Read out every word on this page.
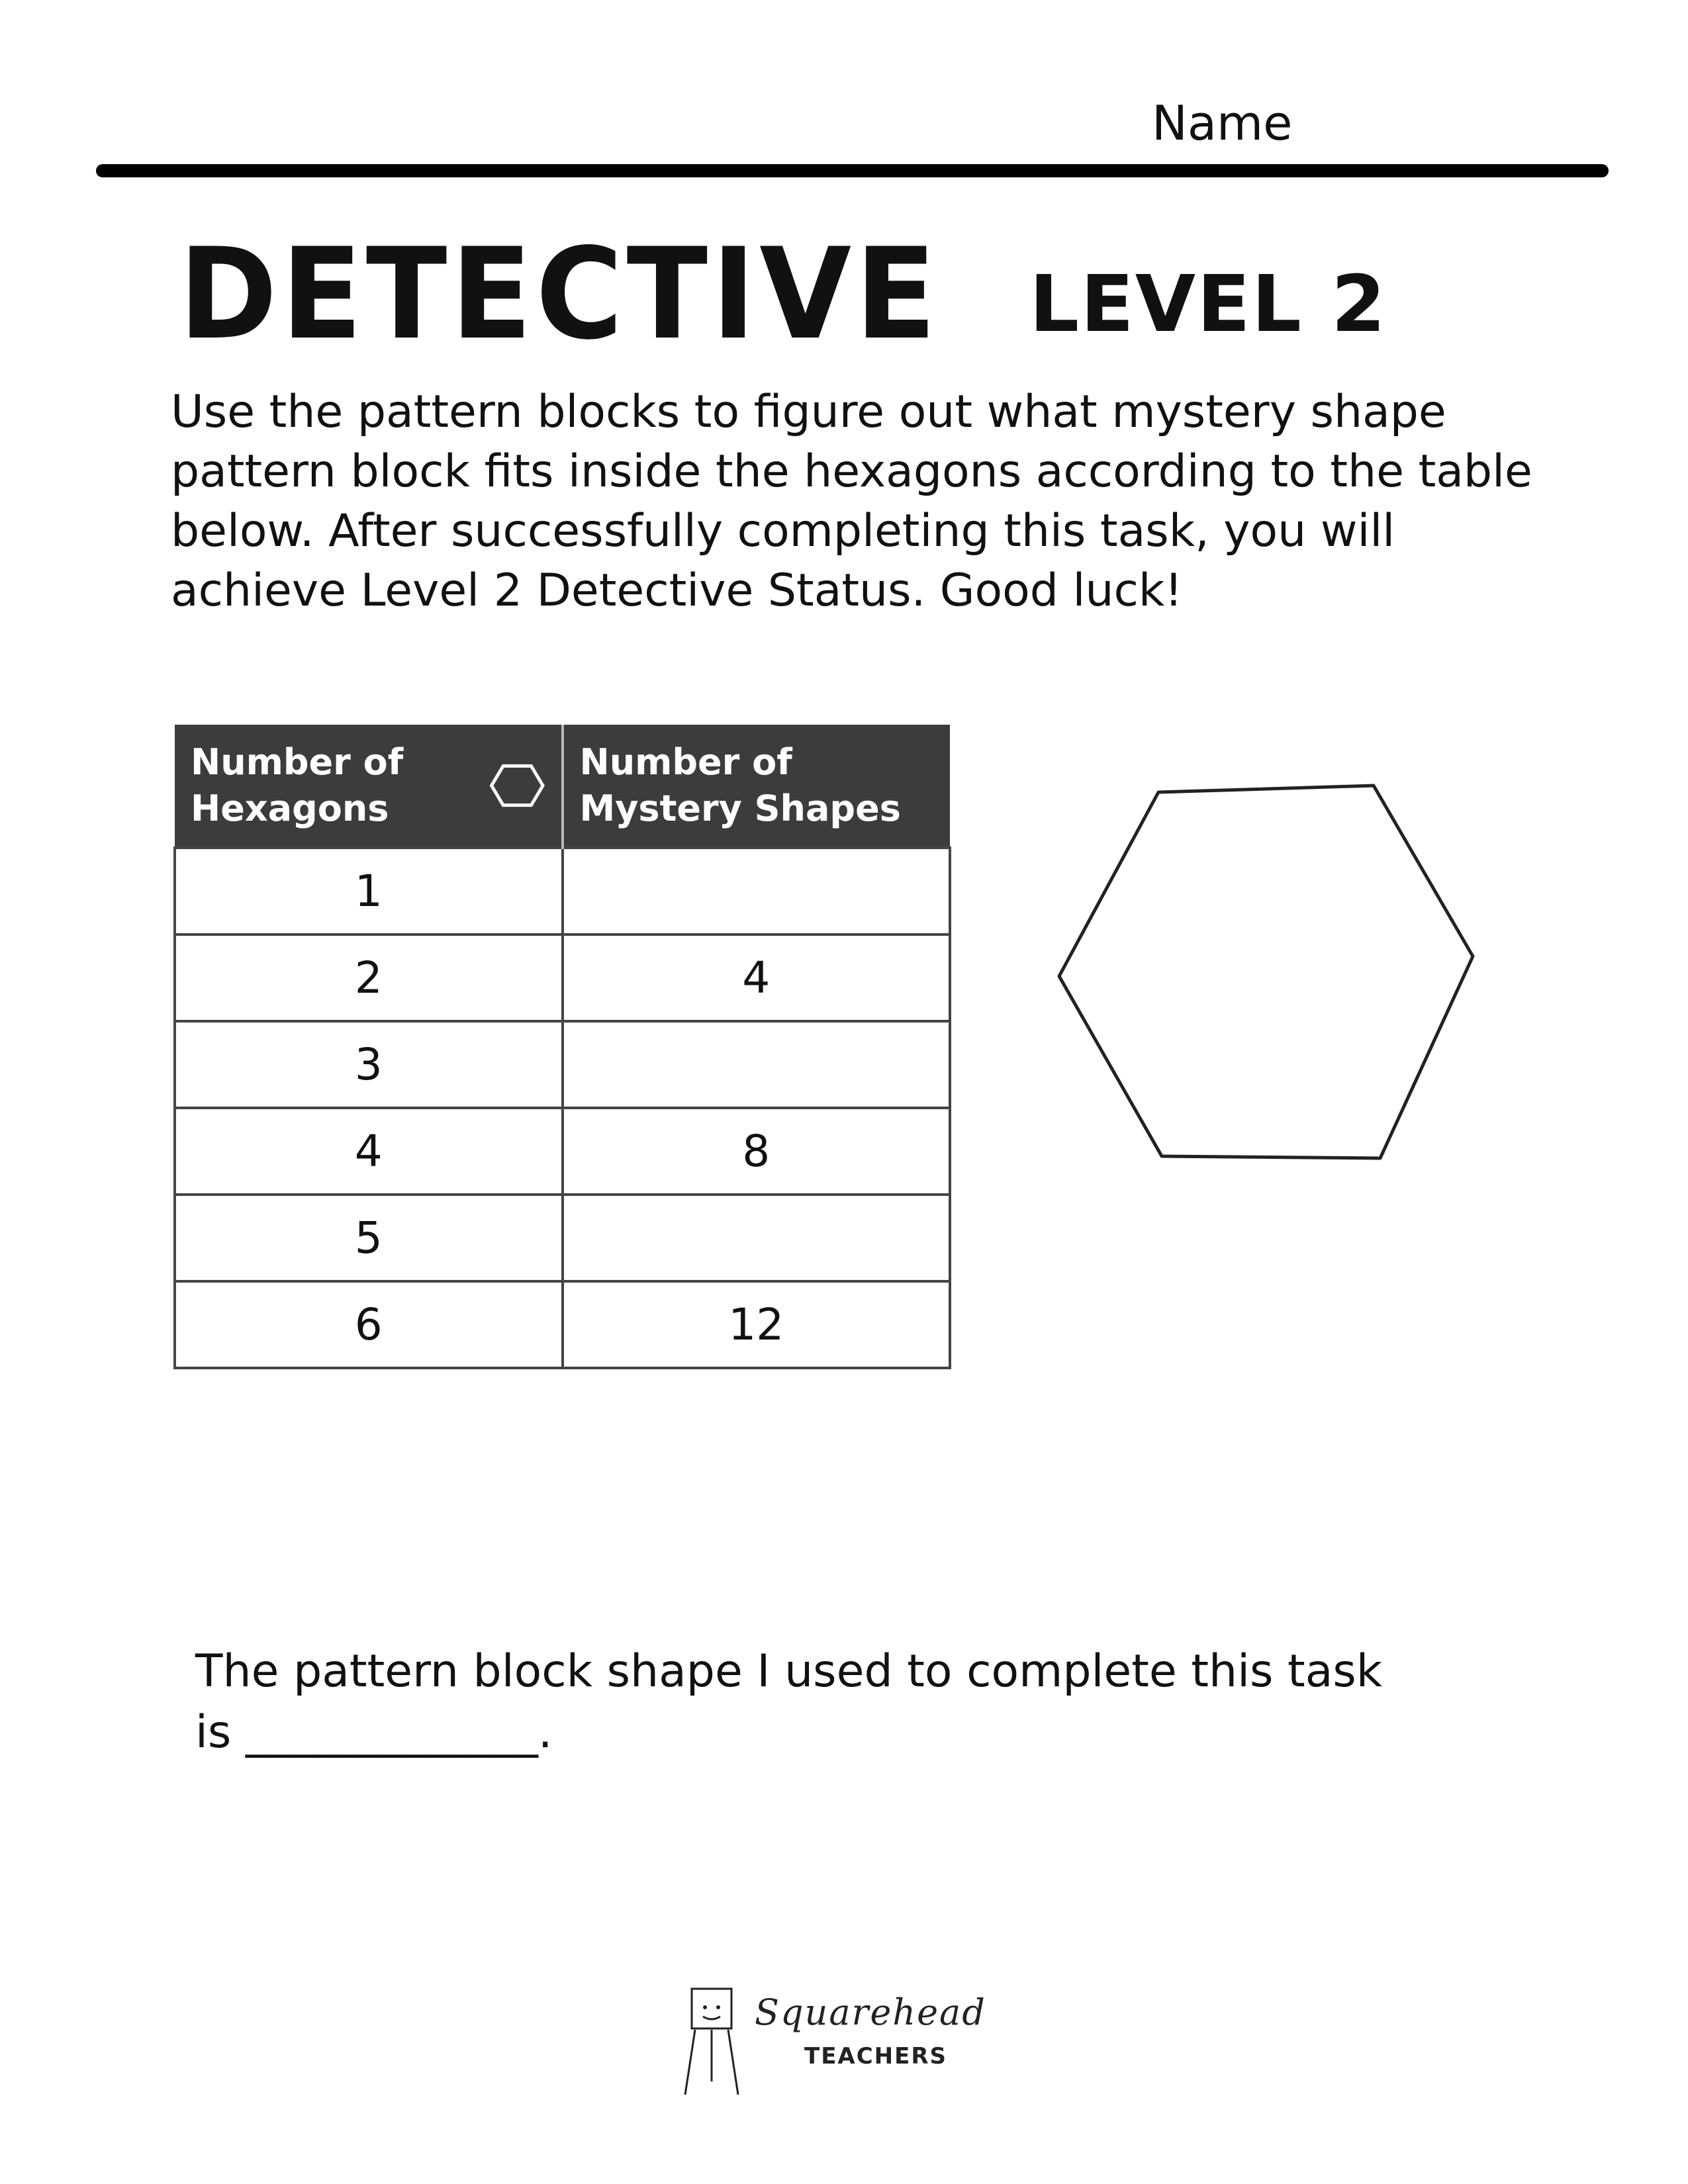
Name
DETECTIVE LEVEL 2
Use the pattern blocks to figure out what mystery shape pattern block fits inside the hexagons according to the table below. After successfully completing this task, you will achieve Level 2 Detective Status. Good luck!
Number of Hexagons	Number of Mystery Shapes
1	
2	4
3	
4	8
5	
6	12
The pattern block shape I used to complete this task
is _____________.
Squarehead
TEACHERS
